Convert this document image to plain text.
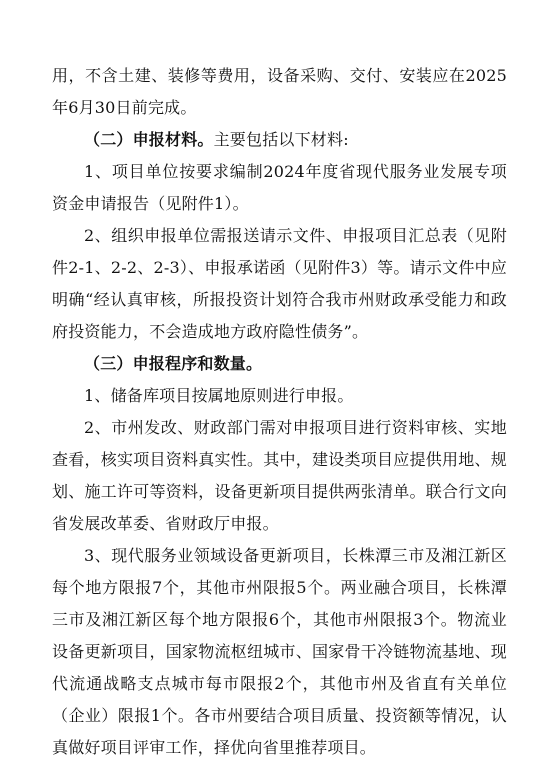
用，不含土建、装修等费用，设备采购、交付、安装应在2025年6月30日前完成。

（二）申报材料。主要包括以下材料:

1、项目单位按要求编制2024年度省现代服务业发展专项资金申请报告（见附件1）。

2、组织申报单位需报送请示文件、申报项目汇总表（见附件2-1、2-2、2-3）、申报承诺函（见附件3）等。请示文件中应明确“经认真审核，所报投资计划符合我市州财政承受能力和政府投资能力，不会造成地方政府隐性债务”。

（三）申报程序和数量。

1、储备库项目按属地原则进行申报。

2、市州发改、财政部门需对申报项目进行资料审核、实地查看，核实项目资料真实性。其中，建设类项目应提供用地、规划、施工许可等资料，设备更新项目提供两张清单。联合行文向省发展改革委、省财政厅申报。

3、现代服务业领域设备更新项目，长株潭三市及湘江新区每个地方限报7个，其他市州限报5个。两业融合项目，长株潭三市及湘江新区每个地方限报6个，其他市州限报3个。物流业设备更新项目，国家物流枢纽城市、国家骨干冷链物流基地、现代流通战略支点城市每市限报2个，其他市州及省直有关单位（企业）限报1个。各市州要结合项目质量、投资额等情况，认真做好项目评审工作，择优向省里推荐项目。
